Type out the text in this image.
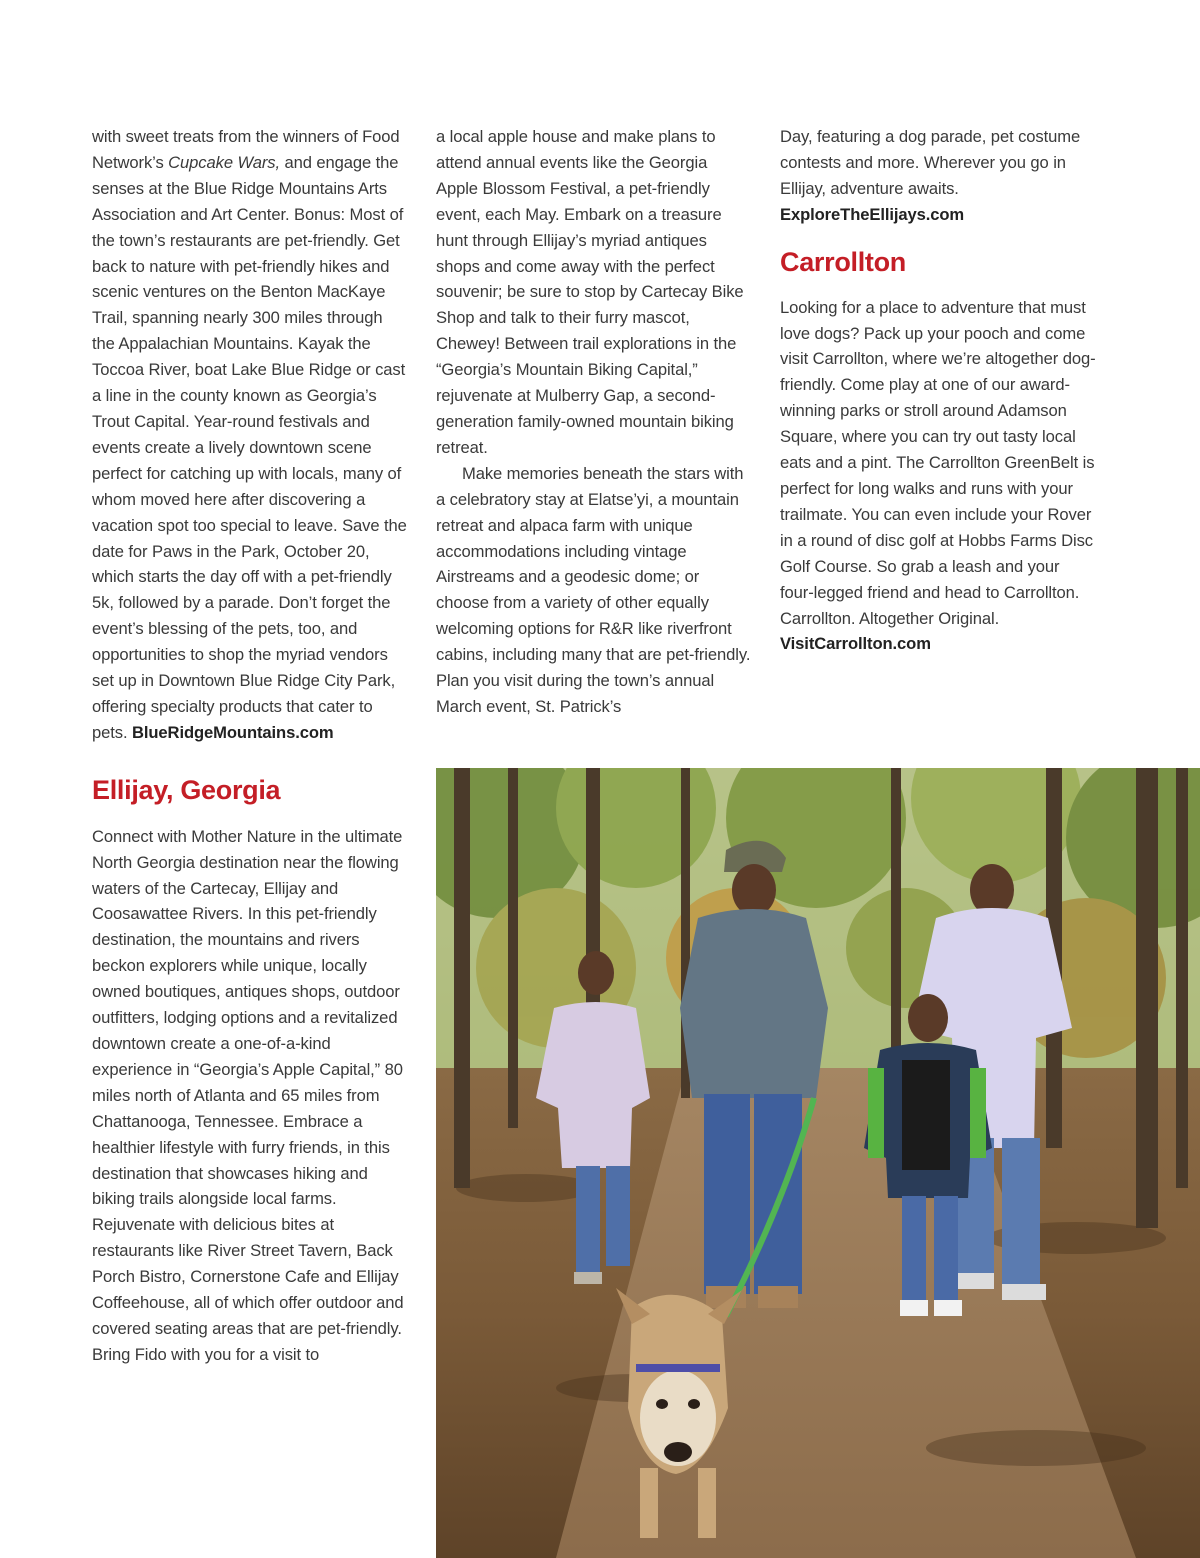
with sweet treats from the winners of Food Network’s Cupcake Wars, and engage the senses at the Blue Ridge Mountains Arts Association and Art Center. Bonus: Most of the town’s restaurants are pet-friendly. Get back to nature with pet-friendly hikes and scenic ventures on the Benton MacKaye Trail, spanning nearly 300 miles through the Appalachian Mountains. Kayak the Toccoa River, boat Lake Blue Ridge or cast a line in the county known as Georgia’s Trout Capital. Year-round festivals and events create a lively downtown scene perfect for catching up with locals, many of whom moved here after discovering a vacation spot too special to leave. Save the date for Paws in the Park, October 20, which starts the day off with a pet-friendly 5k, followed by a parade. Don’t forget the event’s blessing of the pets, too, and opportunities to shop the myriad vendors set up in Downtown Blue Ridge City Park, offering specialty products that cater to pets. BlueRidgeMountains.com

Ellijay, Georgia

Connect with Mother Nature in the ultimate North Georgia destination near the flowing waters of the Cartecay, Ellijay and Coosawattee Rivers. In this pet-friendly destination, the mountains and rivers beckon explorers while unique, locally owned boutiques, antiques shops, outdoor outfitters, lodging options and a revitalized downtown create a one-of-a-kind experience in “Georgia’s Apple Capital,” 80 miles north of Atlanta and 65 miles from Chattanooga, Tennessee. Embrace a healthier lifestyle with furry friends, in this destination that showcases hiking and biking trails alongside local farms. Rejuvenate with delicious bites at restaurants like River Street Tavern, Back Porch Bistro, Cornerstone Cafe and Ellijay Coffeehouse, all of which offer outdoor and covered seating areas that are pet-friendly. Bring Fido with you for a visit to

a local apple house and make plans to attend annual events like the Georgia Apple Blossom Festival, a pet-friendly event, each May. Embark on a treasure hunt through Ellijay’s myriad antiques shops and come away with the perfect souvenir; be sure to stop by Cartecay Bike Shop and talk to their furry mascot, Chewey! Between trail explorations in the “Georgia’s Mountain Biking Capital,” rejuvenate at Mulberry Gap, a second-generation family-owned mountain biking retreat.

Make memories beneath the stars with a celebratory stay at Elatse’yi, a mountain retreat and alpaca farm with unique accommodations including vintage Airstreams and a geodesic dome; or choose from a variety of other equally welcoming options for R&R like riverfront cabins, including many that are pet-friendly. Plan you visit during the town’s annual March event, St. Patrick’s

Day, featuring a dog parade, pet costume contests and more. Wherever you go in Ellijay, adventure awaits. ExploreTheEllijays.com

Carrollton

Looking for a place to adventure that must love dogs? Pack up your pooch and come visit Carrollton, where we’re altogether dog-friendly. Come play at one of our award-winning parks or stroll around Adamson Square, where you can try out tasty local eats and a pint. The Carrollton GreenBelt is perfect for long walks and runs with your trailmate. You can even include your Rover in a round of disc golf at Hobbs Farms Disc Golf Course. So grab a leash and your four-legged friend and head to Carrollton. Carrollton. Altogether Original. VisitCarrollton.com
